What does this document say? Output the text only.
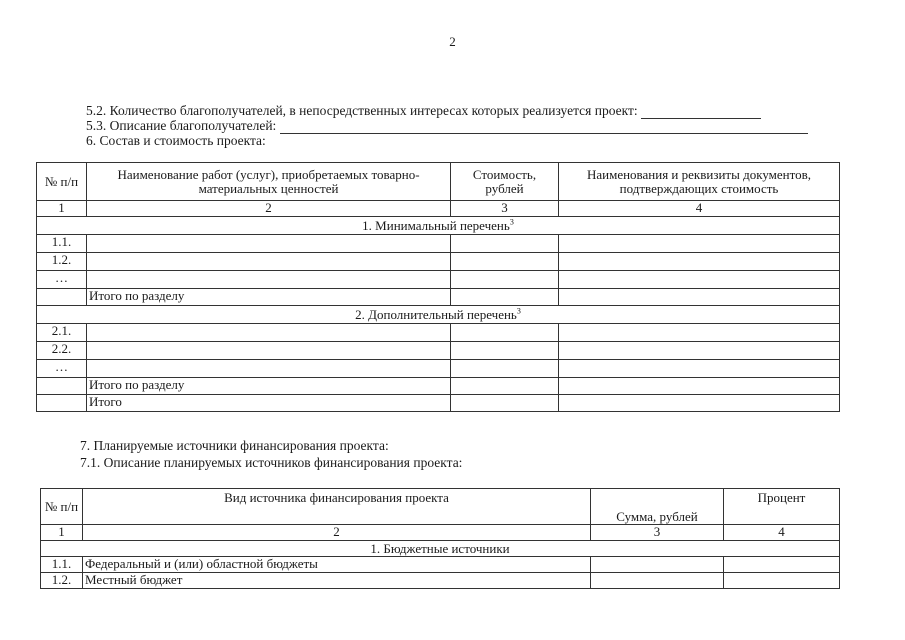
2
5.2. Количество благополучателей, в непосредственных интересах которых реализуется проект:
5.3. Описание благополучателей:
6. Состав и стоимость проекта:
№ п/п	Наименование работ (услуг), приобретаемых товарно-материальных ценностей	Стоимость, рублей	Наименования и реквизиты документов, подтверждающих стоимость
1	2	3	4
1. Минимальный перечень$^3$
1.1.			
1.2.			
…			
	Итого по разделу		
2. Дополнительный перечень$^3$
2.1.			
2.2.			
…			
	Итого по разделу		
	Итого		
7. Планируемые источники финансирования проекта:
7.1. Описание планируемых источников финансирования проекта:
№ п/п	Вид источника финансирования проекта	Сумма, рублей	Процент
1	2	3	4
1. Бюджетные источники			
1.1.	Федеральный и (или) областной бюджеты		
1.2.	Местный бюджет		
